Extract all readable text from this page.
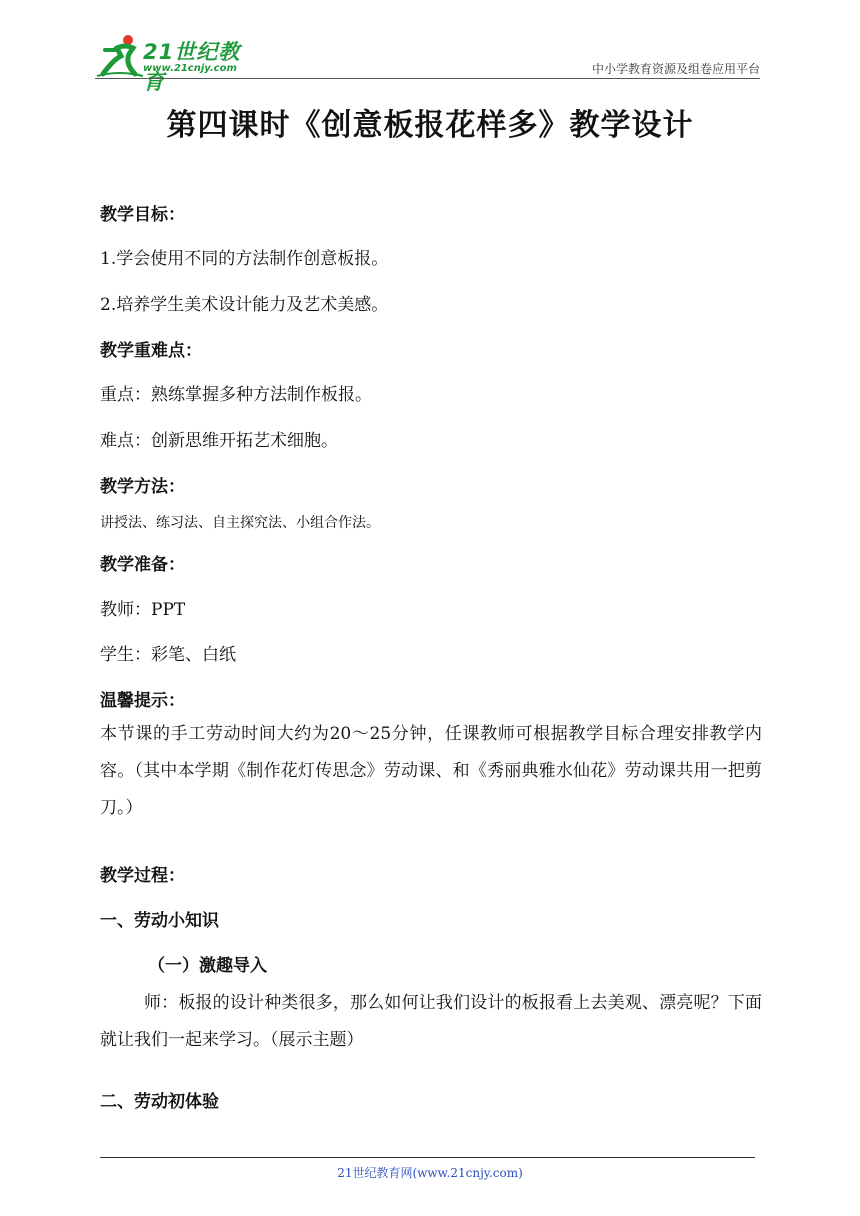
21世纪教育
www.21cnjy.com	中小学教育资源及组卷应用平台
第四课时《创意板报花样多》教学设计
教学目标：
1.学会使用不同的方法制作创意板报。
2.培养学生美术设计能力及艺术美感。
教学重难点：
重点：熟练掌握多种方法制作板报。
难点：创新思维开拓艺术细胞。
教学方法：
讲授法、练习法、自主探究法、小组合作法。
教学准备：
教师：PPT
学生：彩笔、白纸
温馨提示：
本节课的手工劳动时间大约为20～25分钟，任课教师可根据教学目标合理安排教学内容。（其中本学期《制作花灯传思念》劳动课、和《秀丽典雅水仙花》劳动课共用一把剪刀。）
教学过程：
一、劳动小知识
（一）激趣导入
师：板报的设计种类很多，那么如何让我们设计的板报看上去美观、漂亮呢？下面就让我们一起来学习。（展示主题）
二、劳动初体验
21世纪教育网(www.21cnjy.com)
